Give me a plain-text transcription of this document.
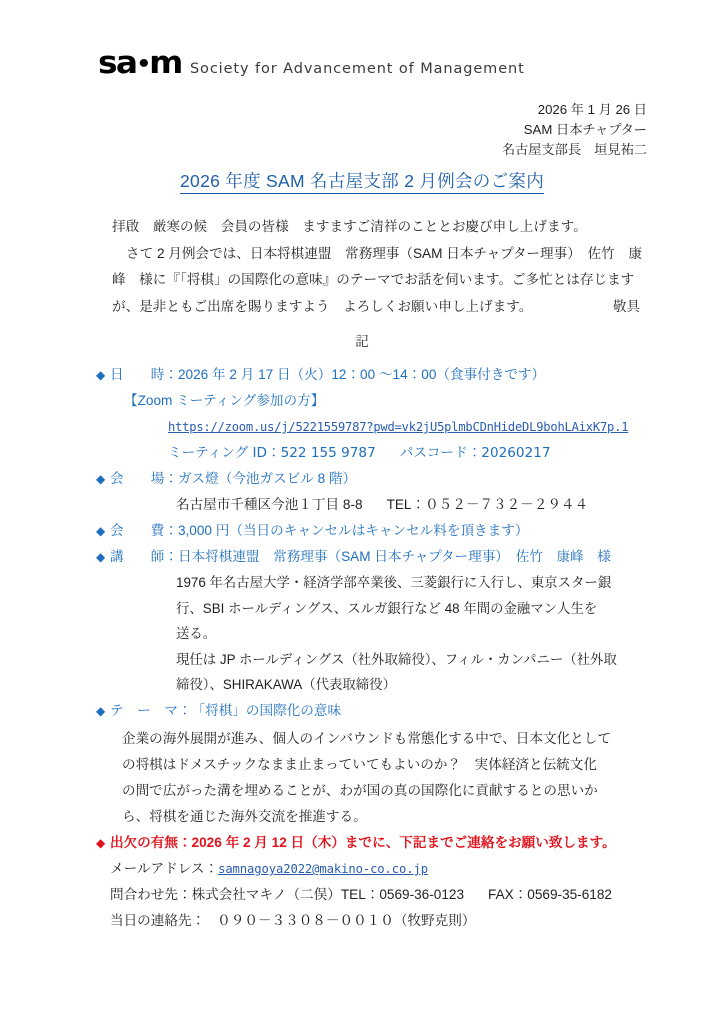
sa•m Society for Advancement of Management
2026 年 1 月 26 日
SAM 日本チャプター
名古屋支部長　垣見祐二
2026 年度 SAM 名古屋支部 2 月例会のご案内
拝啟　厳寒の候　会員の皆様　ますますご清祥のこととお慶び申し上げます。
さて 2 月例会では、日本将棋連盟　常務理事（SAM 日本チャプター理事）　佐竹　康
峰　様に『「将棋」の国際化の意味』のテーマでお話を伺います。ご多忙とは存じます
が、是非ともご出席を賜りますよう　よろしくお願い申し上げます。	敬具
記
◆ 日　　時： 2026 年 2 月 17 日（火）12：00 ～14：00（食事付きです）
【Zoom ミーティング参加の方】
https://zoom.us/j/5221559787?pwd=vk2jU5plmbCDnHideDL9bohLAixK7p.1
ミーティング ID：522 155 9787 パスコード：20260217
◆ 会　　場： ガス燈（今池ガスビル 8 階）
名古屋市千種区今池１丁目 8-8 TEL：０５２－７３２－２９４４
◆ 会　　費： 3,000 円（当日のキャンセルはキャンセル料を頂きます）
◆ 講　　師： 日本将棋連盟　常務理事（SAM 日本チャプター理事）　佐竹　康峰　様
1976 年名古屋大学・経済学部卒業後、三菱銀行に入行し、東京スター銀
行、SBI ホールディングス、スルガ銀行など 48 年間の金融マン人生を
送る。
現任は JP ホールディングス（社外取締役）、フィル・カンパニー（社外取
締役）、SHIRAKAWA（代表取締役）
◆ テ　ー　マ： 「将棋」の国際化の意味
企業の海外展開が進み、個人のインバウンドも常態化する中で、日本文化として
の将棋はドメスチックなまま止まっていてもよいのか？　実体経済と伝統文化
の間で広がった溝を埋めることが、わが国の真の国際化に貢献するとの思いか
ら、将棋を通じた海外交流を推進する。
◆ 出欠の有無：2026 年 2 月 12 日（木）までに、下記までご連絡をお願い致します。
メールアドレス：samnagoya2022@makino-co.co.jp
問合わせ先：株式会社マキノ（二俣）TEL：0569-36-0123 FAX：0569-35-6182
当日の連絡先： ０９０－３３０８－００１０（牧野克則）
